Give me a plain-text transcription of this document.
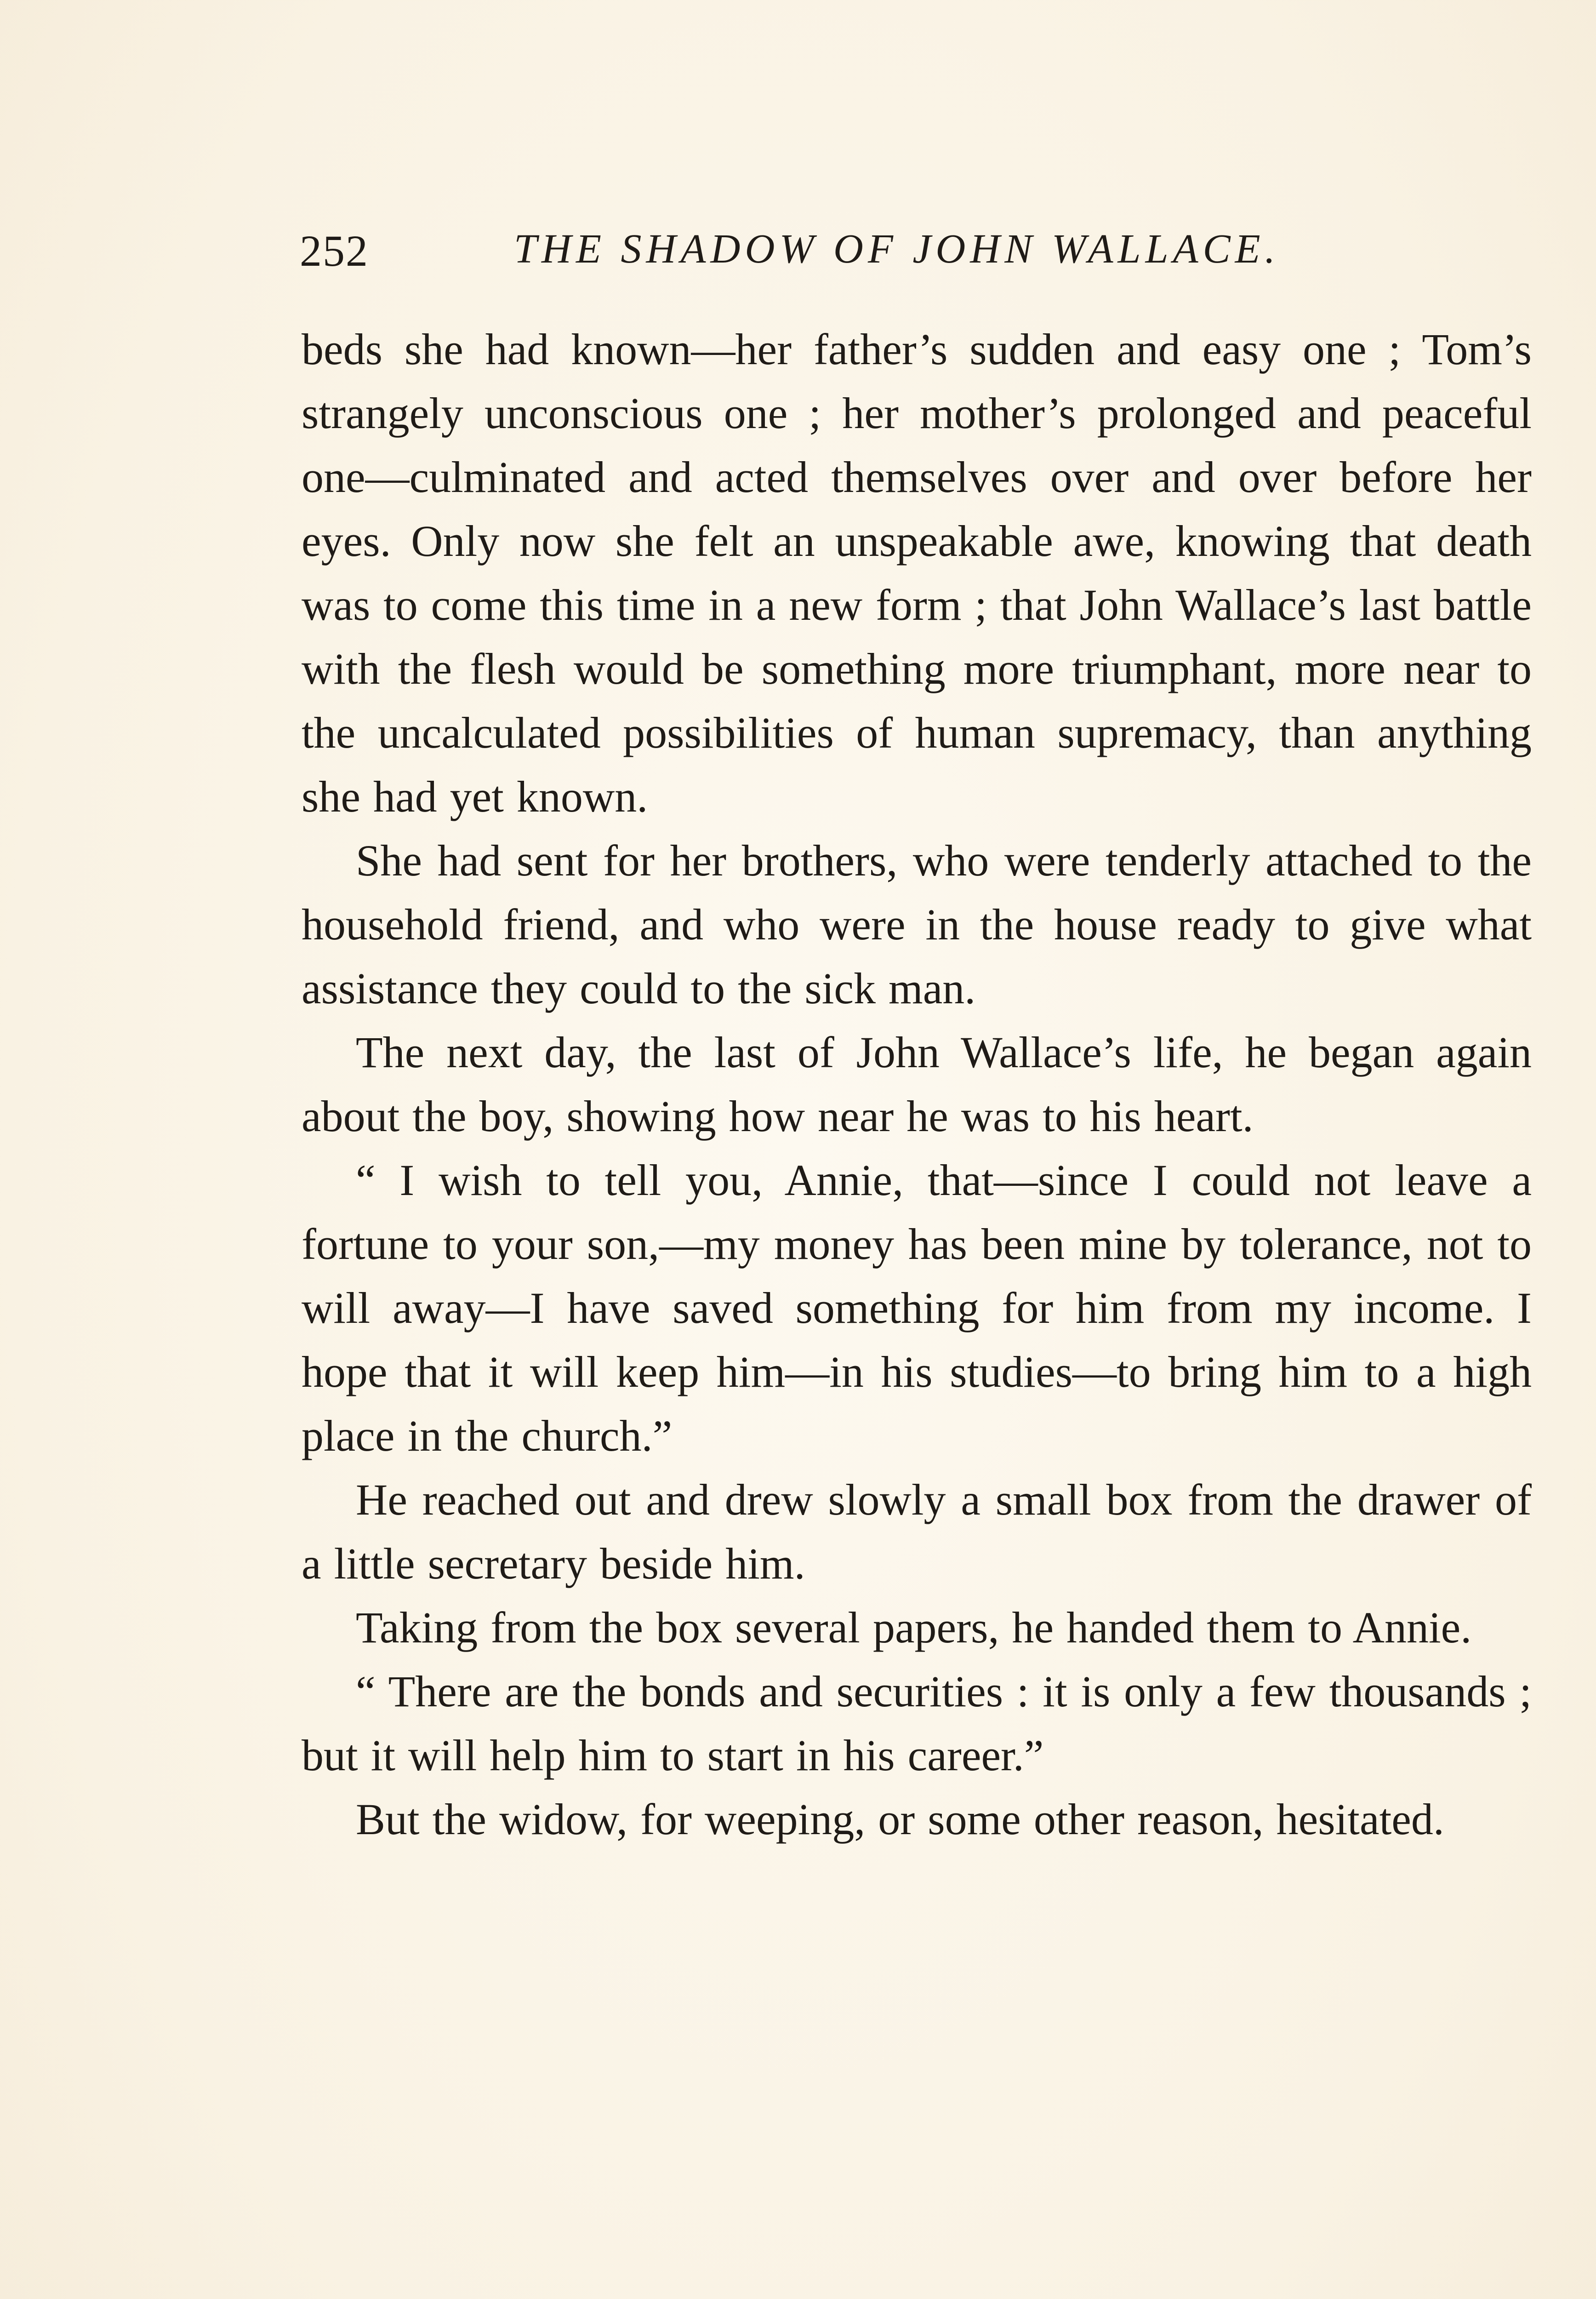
252	THE SHADOW OF JOHN WALLACE.

beds she had known—her father’s sudden and easy one ; Tom’s strangely unconscious one ; her mother’s prolonged and peaceful one—culminated and acted themselves over and over before her eyes. Only now she felt an unspeakable awe, knowing that death was to come this time in a new form ; that John Wallace’s last battle with the flesh would be something more triumphant, more near to the uncalculated possibilities of human supremacy, than anything she had yet known.

She had sent for her brothers, who were tenderly attached to the household friend, and who were in the house ready to give what assistance they could to the sick man.

The next day, the last of John Wallace’s life, he began again about the boy, showing how near he was to his heart.

“ I wish to tell you, Annie, that—since I could not leave a fortune to your son,—my money has been mine by tolerance, not to will away—I have saved something for him from my income. I hope that it will keep him—in his studies—to bring him to a high place in the church.”

He reached out and drew slowly a small box from the drawer of a little secretary beside him.

Taking from the box several papers, he handed them to Annie.

“ There are the bonds and securities : it is only a few thousands ; but it will help him to start in his career.”

But the widow, for weeping, or some other reason, hesitated.
